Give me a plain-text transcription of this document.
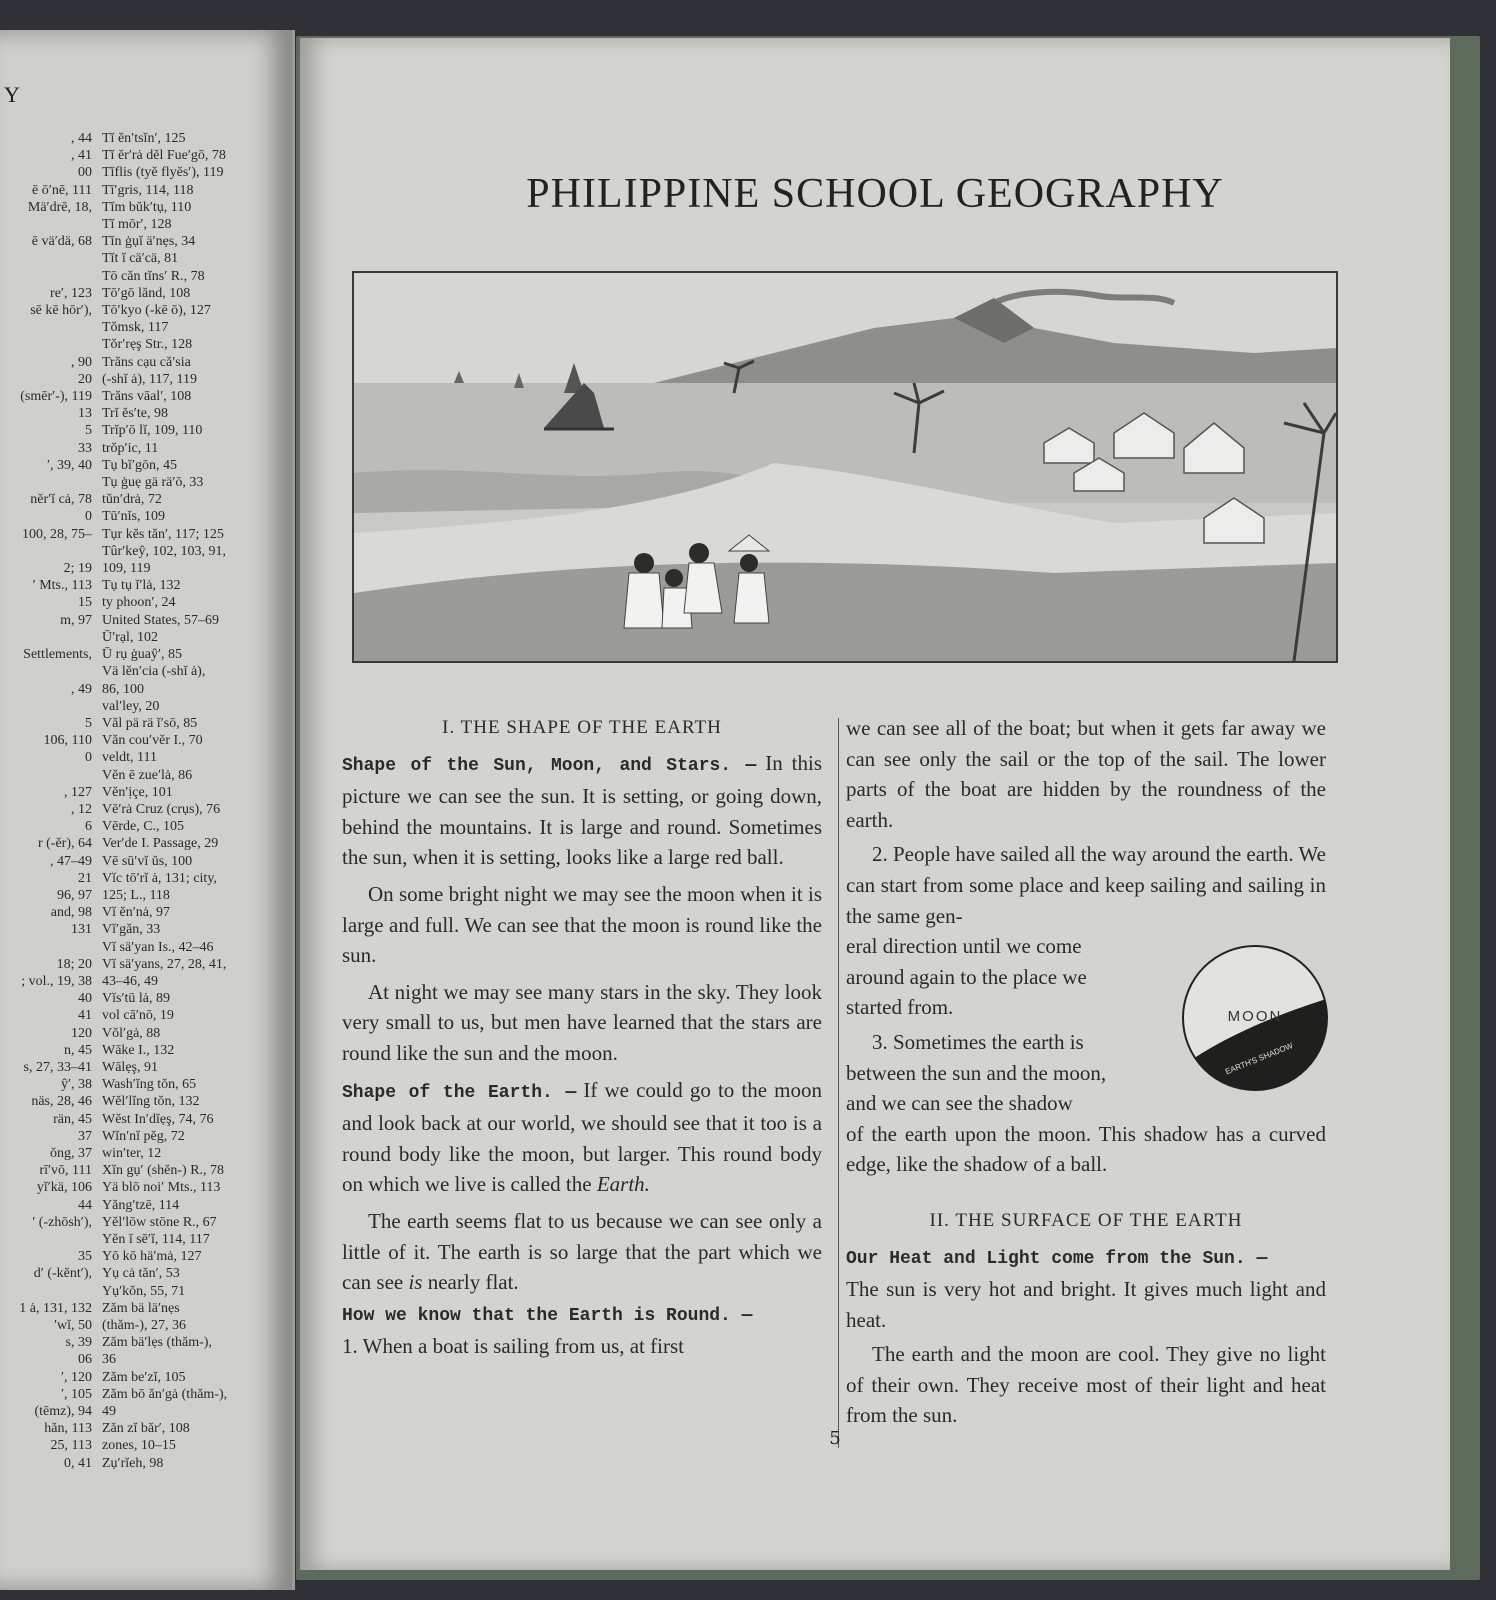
Y
, 44
, 41
00
ē ō′nē, 111
Mä′drē, 18,

ē vä′dä, 68

re′, 123
sē kē hōr′),

, 90
20
(smēr′-), 119
13
5
33
′, 39, 40

nĕr′ĭ cȧ, 78
0
100, 28, 75–

2; 19
′ Mts., 113
15
m, 97

Settlements,

, 49

5
106, 110
0

, 127
, 12
6
r (-ĕr), 64
, 47–49
21
96, 97
and, 98
131

18; 20
; vol., 19, 38
40
41
120
n, 45
s, 27, 33–41
ŷ′, 38
näs, 28, 46
rän, 45
37
ŏng, 37
rī′vō, 111
yĭ′kä, 106
44
′ (-zhōsh′),

35
d′ (-kĕnt′),

1 ȧ, 131, 132
′wĭ, 50
s, 39
06
′, 120
′, 105
(tēmz), 94
hăn, 113
25, 113
0, 41
Tĭ ĕn′tsĭn′, 125
Tĭ ĕr′rȧ dĕl Fue′gō, 78
Tĭflis (tyĕ flyĕs′), 119
Tī′gris, 114, 118
Tĭm bŭk′tụ, 110
Tĭ mōr′, 128
Tĭn ġụĭ ä′nẹs, 34
Tĭt ĭ cä′cä, 81
Tō căn tĭns′ R., 78
Tō′gō lănd, 108
Tō′kyo (-kē ō), 127
Tŏmsk, 117
Tŏr′rẹş Str., 128
Trăns cạu că′sia
(-shĭ ȧ), 117, 119
Trăns vāal′, 108
Trĭ ĕs′te, 98
Trĭp′ō lĭ, 109, 110
trŏp′ic, 11
Tụ bĭ′gōn, 45
Tụ ġuẹ gä rä′ō, 33
tŭn′drȧ, 72
Tū′nĭs, 109
Tụr kĕs tăn′, 117; 125
Tûr′keŷ, 102, 103, 91,
109, 119
Tụ tụ ĭ′lȧ, 132
ty phoon′, 24
United States, 57–69
Ū′rạl, 102
Ū rụ ġuaŷ′, 85
Vä lĕn′cia (-shĭ ȧ),
86, 100
val′ley, 20
Văl pä rä ĭ′sō, 85
Văn cou′vĕr I., 70
veldt, 111
Vĕn ē zue′lȧ, 86
Vĕn′ịçe, 101
Vē′rȧ Cruz (crụs), 76
Vērde, C., 105
Ver′de I. Passage, 29
Vē sū′vĭ ŭs, 100
Vĭc tō′rĭ ȧ, 131; city,
125; L., 118
Vĭ ĕn′nȧ, 97
Vĭ′găn, 33
Vĭ sä′yan Is., 42–46
Vĭ sä′yans, 27, 28, 41,
43–46, 49
Vĭs′tū lȧ, 89
vol cā′nō, 19
Vŏl′gȧ, 88
Wāke I., 132
Wālẹş, 91
Wash′ĭng tŏn, 65
Wĕl′lĭng tŏn, 132
Wĕst In′dĭẹş, 74, 76
Wĭn′nĭ pĕg, 72
win′ter, 12
Xĭn gụ′ (shĕn-) R., 78
Yä blō noi′ Mts., 113
Yăng′tzē, 114
Yĕl′lōw stōne R., 67
Yĕn ĭ sē′ĭ, 114, 117
Yō kō hä′mȧ, 127
Yụ cȧ tăn′, 53
Yụ′kŏn, 55, 71
Zăm bä lä′nẹs
(thăm-), 27, 36
Zăm bä′lẹs (thăm-),
36
Zăm be′zĭ, 105
Zăm bō ăn′gȧ (thăm-),
49
Zăn zĭ băr′, 108
zones, 10–15
Zụ′rĭeh, 98
PHILIPPINE SCHOOL GEOGRAPHY
I. THE SHAPE OF THE EARTH

Shape of the Sun, Moon, and Stars. — In this picture we can see the sun. It is setting, or going down, behind the mountains. It is large and round. Sometimes the sun, when it is setting, looks like a large red ball.

On some bright night we may see the moon when it is large and full. We can see that the moon is round like the sun.

At night we may see many stars in the sky. They look very small to us, but men have learned that the stars are round like the sun and the moon.

Shape of the Earth. — If we could go to the moon and look back at our world, we should see that it too is a round body like the moon, but larger. This round body on which we live is called the Earth.

The earth seems flat to us because we can see only a little of it. The earth is so large that the part which we can see is nearly flat.

How we know that the Earth is Round. —
1. When a boat is sailing from us, at first

we can see all of the boat; but when it gets far away we can see only the sail or the top of the sail. The lower parts of the boat are hidden by the roundness of the earth.

2. People have sailed all the way around the earth. We can start from some place and keep sailing and sailing in the same gen-
eral direction until we come
around again to the place we
started from.

3. Sometimes the earth is
between the sun and the moon,
and we can see the shadow
of the earth upon the moon. This shadow has a curved edge, like the shadow of a ball.

II. THE SURFACE OF THE EARTH

Our Heat and Light come from the Sun. —
The sun is very hot and bright. It gives much light and heat.

The earth and the moon are cool. They give no light of their own. They receive most of their light and heat from the sun.

MOON
EARTH'S SHADOW
5
